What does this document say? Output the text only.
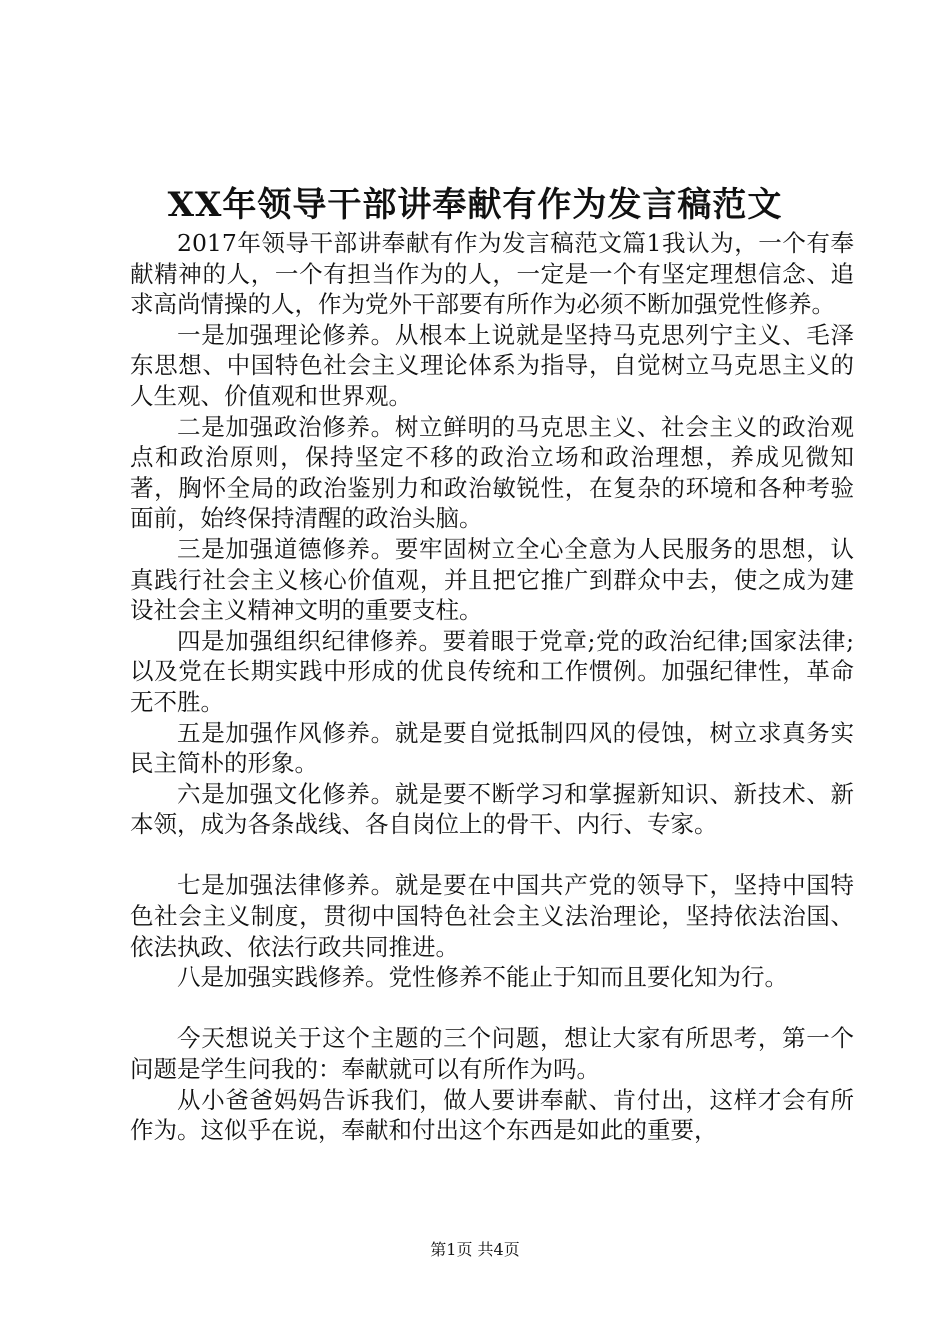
XX年领导干部讲奉献有作为发言稿范文

2017年领导干部讲奉献有作为发言稿范文篇1我认为，一个有奉献精神的人，一个有担当作为的人，一定是一个有坚定理想信念、追求高尚情操的人，作为党外干部要有所作为必须不断加强党性修养。

一是加强理论修养。从根本上说就是坚持马克思列宁主义、毛泽东思想、中国特色社会主义理论体系为指导，自觉树立马克思主义的人生观、价值观和世界观。

二是加强政治修养。树立鲜明的马克思主义、社会主义的政治观点和政治原则，保持坚定不移的政治立场和政治理想，养成见微知著，胸怀全局的政治鉴别力和政治敏锐性，在复杂的环境和各种考验面前，始终保持清醒的政治头脑。

三是加强道德修养。要牢固树立全心全意为人民服务的思想，认真践行社会主义核心价值观，并且把它推广到群众中去，使之成为建设社会主义精神文明的重要支柱。

四是加强组织纪律修养。要着眼于党章;党的政治纪律;国家法律;以及党在长期实践中形成的优良传统和工作惯例。加强纪律性，革命无不胜。

五是加强作风修养。就是要自觉抵制四风的侵蚀，树立求真务实民主简朴的形象。

六是加强文化修养。就是要不断学习和掌握新知识、新技术、新本领，成为各条战线、各自岗位上的骨干、内行、专家。

七是加强法律修养。就是要在中国共产党的领导下，坚持中国特色社会主义制度，贯彻中国特色社会主义法治理论，坚持依法治国、依法执政、依法行政共同推进。

八是加强实践修养。党性修养不能止于知而且要化知为行。

今天想说关于这个主题的三个问题，想让大家有所思考，第一个问题是学生问我的：奉献就可以有所作为吗。

从小爸爸妈妈告诉我们，做人要讲奉献、肯付出，这样才会有所作为。这似乎在说，奉献和付出这个东西是如此的重要，

第1页 共4页
